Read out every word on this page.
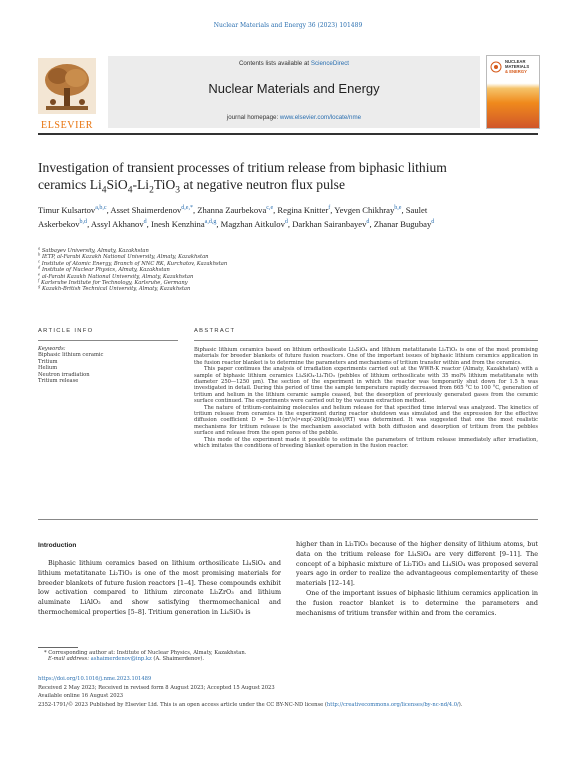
Nuclear Materials and Energy 36 (2023) 101489
ELSEVIER
Contents lists available at ScienceDirect
Nuclear Materials and Energy
journal homepage: www.elsevier.com/locate/nme
NUCLEAR
MATERIALS
& ENERGY
Investigation of transient processes of tritium release from biphasic lithium
ceramics $Li_4SiO_4-Li_2TiO_3$ at negative neutron flux pulse
Timur Kulsartov$^{a,b,c}$, Asset Shaimerdenov$^{d,e,*}$, Zhanna Zaurbekova$^{c,e}$, Regina Knitter$^f$, Yevgen Chikhray$^{b,e}$, Saulet Askerbekov$^{b,d}$, Assyl Akhanov$^d$, Inesh Kenzhina$^{a,d,g}$, Magzhan Aitkulov$^d$, Darkhan Sairanbayev$^d$, Zhanar Bugubay$^d$
$^a$ Satbayev University, Almaty, Kazakhstan
$^b$ IETP, al-Farabi Kazakh National University, Almaty, Kazakhstan
$^c$ Institute of Atomic Energy, Branch of NNC RK, Kurchatov, Kazakhstan
$^d$ Institute of Nuclear Physics, Almaty, Kazakhstan
$^e$ al-Farabi Kazakh National University, Almaty, Kazakhstan
$^f$ Karlsruhe Institute for Technology, Karlsruhe, Germany
$^g$ Kazakh-British Technical University, Almaty, Kazakhstan
ARTICLE INFO
Keywords:
Biphasic lithium ceramic
Tritium
Helium
Neutron irradiation
Tritium release
ABSTRACT

Biphasic lithium ceramics based on lithium orthosilicate Li₄SiO₄ and lithium metatitanate Li₂TiO₃ is one of the most promising materials for breeder blankets of future fusion reactors. One of the important issues of biphasic lithium ceramics application in the fusion reactor blanket is to determine the parameters and mechanisms of tritium transfer within and from the ceramics.

This paper continues the analysis of irradiation experiments carried out at the WWR-K reactor (Almaty, Kazakhstan) with a sample of biphasic lithium ceramics Li₄SiO₄-Li₂TiO₃ (pebbles of lithium orthosilicate with 35 mol% lithium metatitanate with diameter 250—1250 μm). The section of the experiment in which the reactor was temporarily shut down for 1.5 h was investigated in detail. During this period of time the sample temperature rapidly decreased from 665 °C to 100 °C, generation of tritium and helium in the lithium ceramic sample ceased, but the desorption of previously generated gases from the ceramic surface continued. The experiments were carried out by the vacuum extraction method.

The nature of tritium-containing molecules and helium release for that specified time interval was analyzed. The kinetics of tritium release from ceramics in the experiment during reactor shutdown was simulated and the expression for the effective diffusion coefficient D = 5e-11(m²/s)•exp(-20(kJ/mole)/RT) was determined. It was suggested that one the most realistic mechanisms for tritium release is the mechanism associated with both diffusion and desorption of tritium from the pebbles surface and release from the open pores of the pebble.

This mode of the experiment made it possible to estimate the parameters of tritium release immediately after irradiation, which imitates the conditions of breeding blanket operation in the fusion reactor.

Introduction
Biphasic lithium ceramics based on lithium orthosilicate Li₄SiO₄ and lithium metatitanate Li₂TiO₃ is one of the most promising materials for breeder blankets of future fusion reactors [1–4]. These compounds exhibit low activation compared to lithium zirconate Li₂ZrO₃ and lithium aluminate LiAlO₂ and show satisfying thermomechanical and thermochemical properties [5–8]. Tritium generation in Li₄SiO₄ is

higher than in Li₂TiO₃ because of the higher density of lithium atoms, but data on the tritium release for Li₄SiO₄ are very different [9–11]. The concept of a biphasic mixture of Li₂TiO₃ and Li₄SiO₄ was proposed several years ago in order to realize the advantageous complementarity of these materials [12–14].

One of the important issues of biphasic lithium ceramics application in the fusion reactor blanket is to determine the parameters and mechanisms of tritium transfer within and from the ceramics.

* Corresponding author at: Institute of Nuclear Physics, Almaty, Kazakhstan.
E-mail address: ashaimerdenov@inp.kz (A. Shaimerdenov).
https://doi.org/10.1016/j.nme.2023.101489
Received 2 May 2023; Received in revised form 8 August 2023; Accepted 15 August 2023
Available online 16 August 2023
2352-1791/© 2023 Published by Elsevier Ltd. This is an open access article under the CC BY-NC-ND license (http://creativecommons.org/licenses/by-nc-nd/4.0/).
